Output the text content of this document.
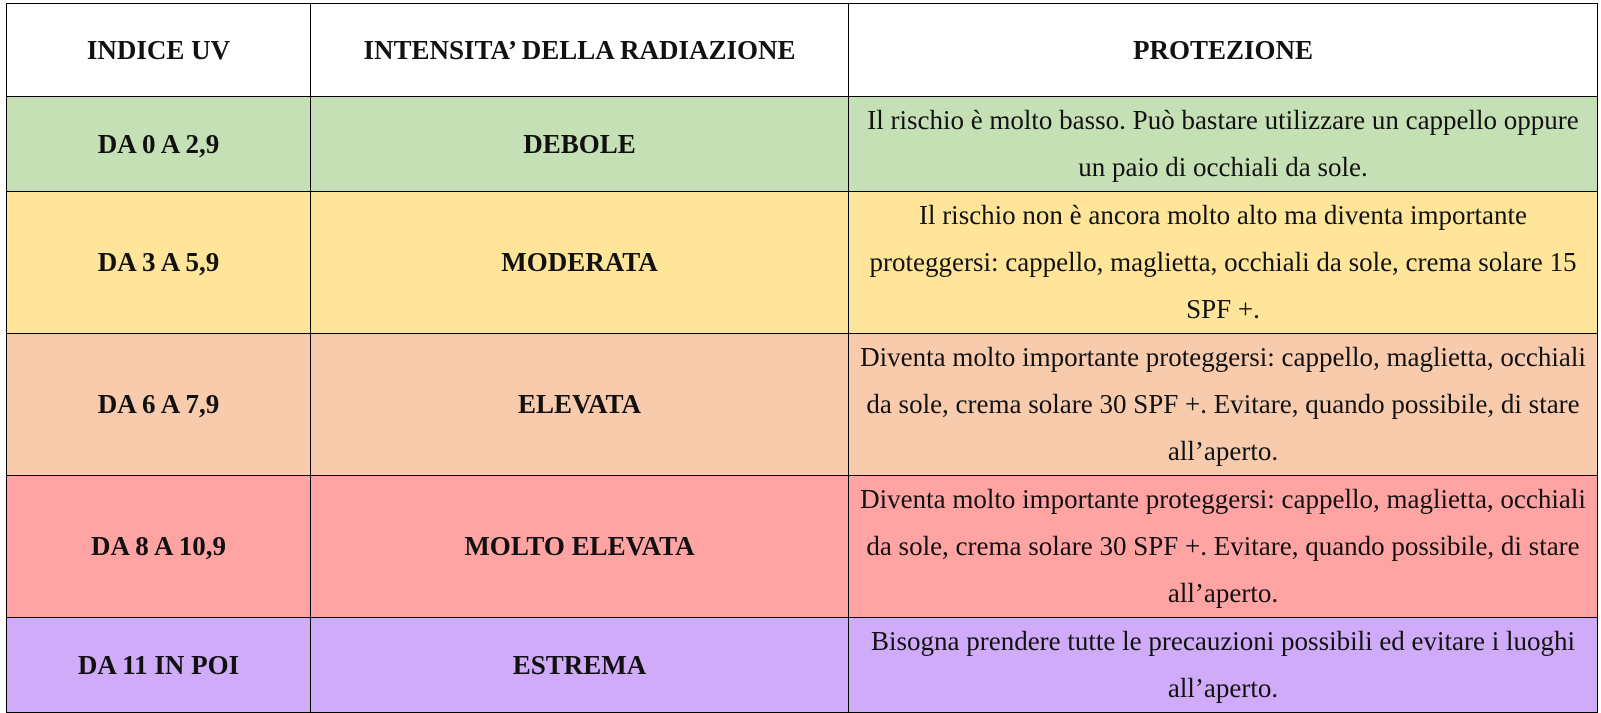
INDICE UV	INTENSITA’ DELLA RADIAZIONE	PROTEZIONE
DA 0 A 2,9	DEBOLE	Il rischio è molto basso. Può bastare utilizzare un cappello oppure un paio di occhiali da sole.
DA 3 A 5,9	MODERATA	Il rischio non è ancora molto alto ma diventa importante proteggersi: cappello, maglietta, occhiali da sole, crema solare 15 SPF +.
DA 6 A 7,9	ELEVATA	Diventa molto importante proteggersi: cappello, maglietta, occhiali da sole, crema solare 30 SPF +. Evitare, quando possibile, di stare all’aperto.
DA 8 A 10,9	MOLTO ELEVATA	Diventa molto importante proteggersi: cappello, maglietta, occhiali da sole, crema solare 30 SPF +. Evitare, quando possibile, di stare all’aperto.
DA 11 IN POI	ESTREMA	Bisogna prendere tutte le precauzioni possibili ed evitare i luoghi all’aperto.
